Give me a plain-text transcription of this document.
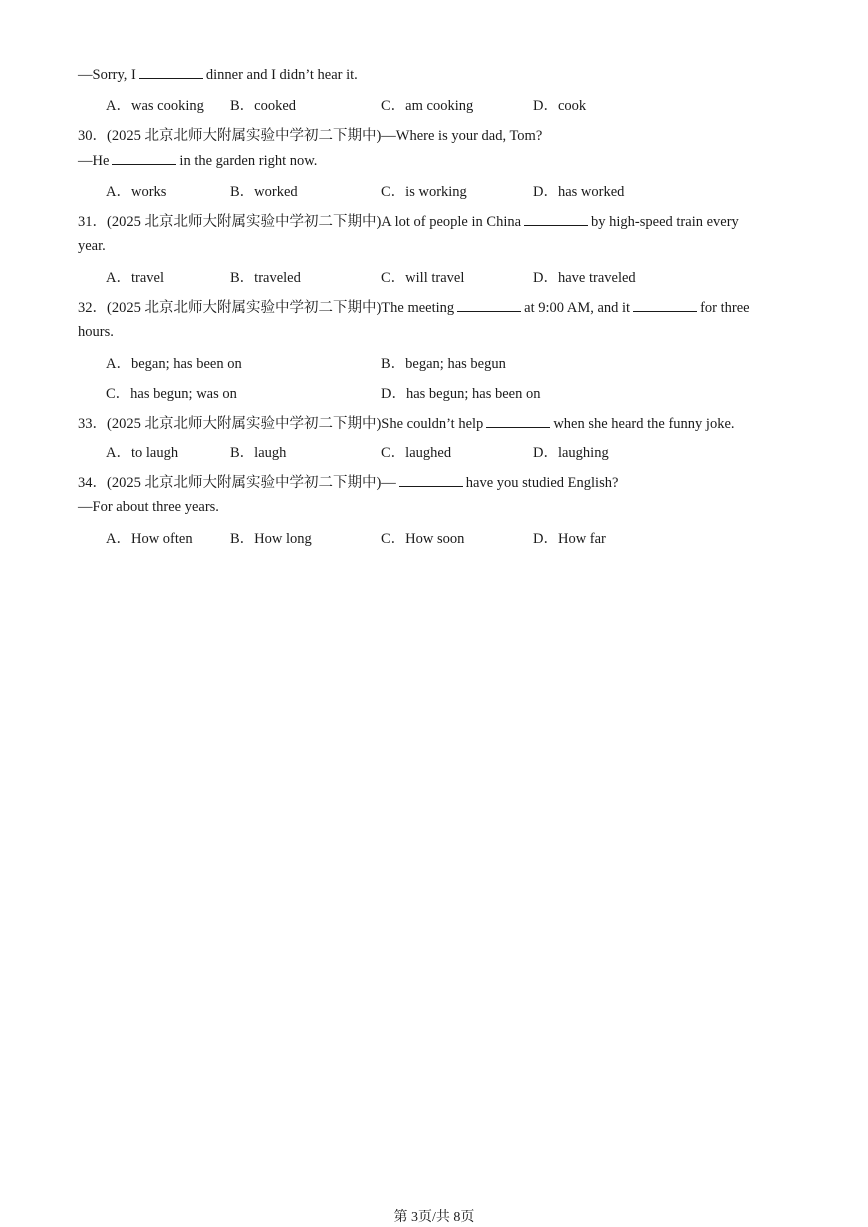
—Sorry, I	dinner and I didn’t hear it.
A．was cooking B．cooked	C．am cooking	D．cook
30．(2025 北京北师大附属实验中学初二下期中)—Where is your dad, Tom?
—He	in the garden right now.
A．works	B．worked	C．is working	D．has worked
31．(2025 北京北师大附属实验中学初二下期中)A lot of people in China	by high-speed train every
year.
A．travel	B．traveled	C．will travel	D．have traveled
32．(2025 北京北师大附属实验中学初二下期中)The meeting	at 9:00 AM, and it	for three
hours.
A．began; has been on	B．began; has begun
C．has begun; was on	D．has begun; has been on
33．(2025 北京北师大附属实验中学初二下期中)She couldn’t help	when she heard the funny joke.
A．to laugh	B．laugh	C．laughed	D．laughing
34．(2025 北京北师大附属实验中学初二下期中)—	have you studied English?
—For about three years.
A．How often	B．How long	C．How soon	D．How far
第 3页/共 8页
